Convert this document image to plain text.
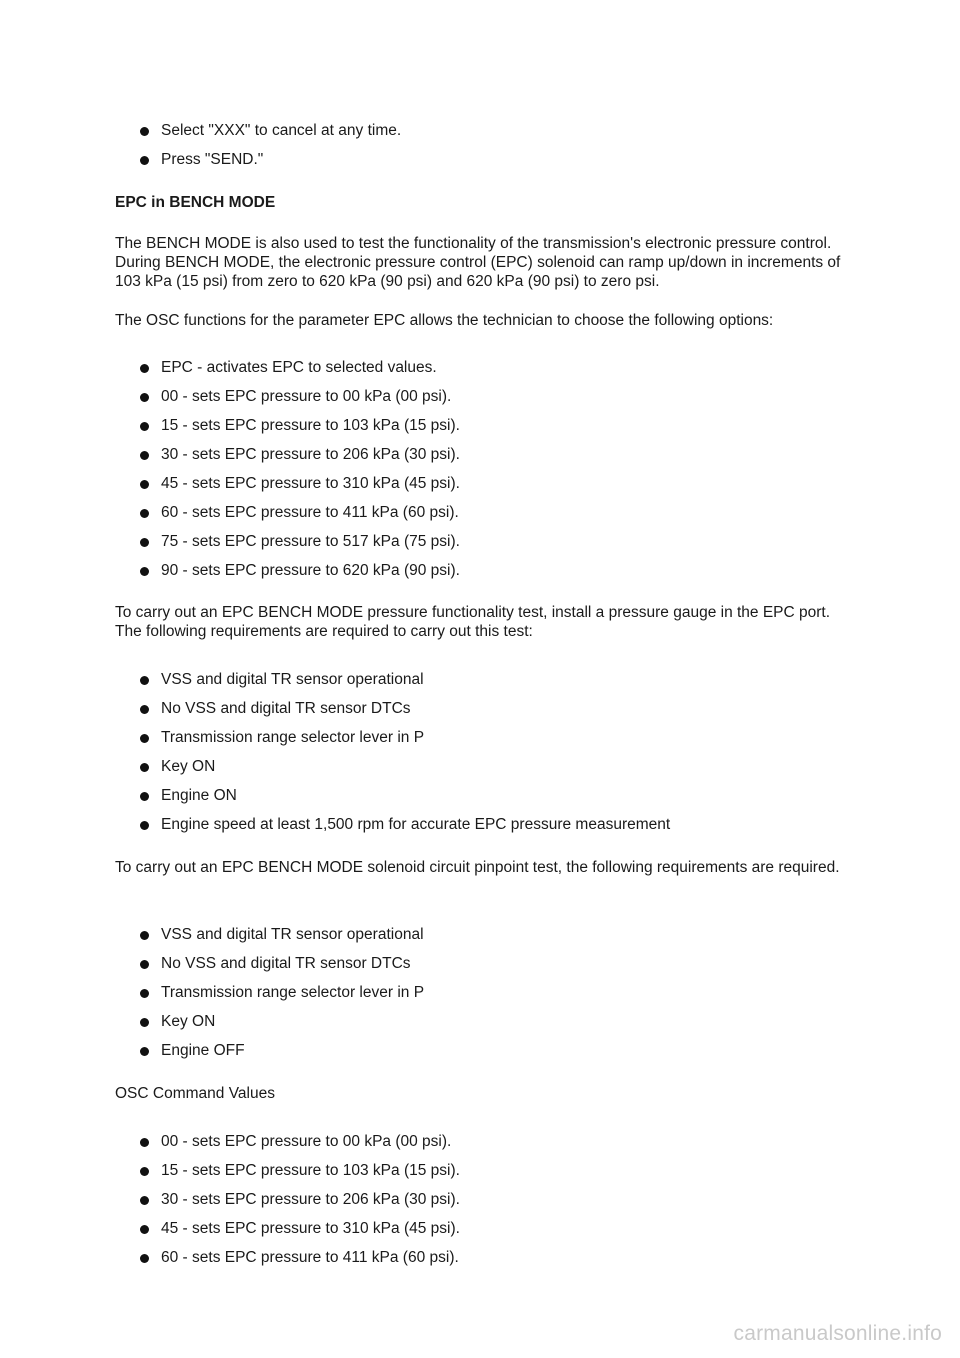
Select "XXX" to cancel at any time.
Press "SEND."
EPC in BENCH MODE

The BENCH MODE is also used to test the functionality of the transmission's electronic pressure control. During BENCH MODE, the electronic pressure control (EPC) solenoid can ramp up/down in increments of 103 kPa (15 psi) from zero to 620 kPa (90 psi) and 620 kPa (90 psi) to zero psi.

The OSC functions for the parameter EPC allows the technician to choose the following options:

EPC - activates EPC to selected values.
00 - sets EPC pressure to 00 kPa (00 psi).
15 - sets EPC pressure to 103 kPa (15 psi).
30 - sets EPC pressure to 206 kPa (30 psi).
45 - sets EPC pressure to 310 kPa (45 psi).
60 - sets EPC pressure to 411 kPa (60 psi).
75 - sets EPC pressure to 517 kPa (75 psi).
90 - sets EPC pressure to 620 kPa (90 psi).

To carry out an EPC BENCH MODE pressure functionality test, install a pressure gauge in the EPC port. The following requirements are required to carry out this test:

VSS and digital TR sensor operational
No VSS and digital TR sensor DTCs
Transmission range selector lever in P
Key ON
Engine ON
Engine speed at least 1,500 rpm for accurate EPC pressure measurement

To carry out an EPC BENCH MODE solenoid circuit pinpoint test, the following requirements are required.

VSS and digital TR sensor operational
No VSS and digital TR sensor DTCs
Transmission range selector lever in P
Key ON
Engine OFF

OSC Command Values

00 - sets EPC pressure to 00 kPa (00 psi).
15 - sets EPC pressure to 103 kPa (15 psi).
30 - sets EPC pressure to 206 kPa (30 psi).
45 - sets EPC pressure to 310 kPa (45 psi).
60 - sets EPC pressure to 411 kPa (60 psi).
carmanualsonline.info
